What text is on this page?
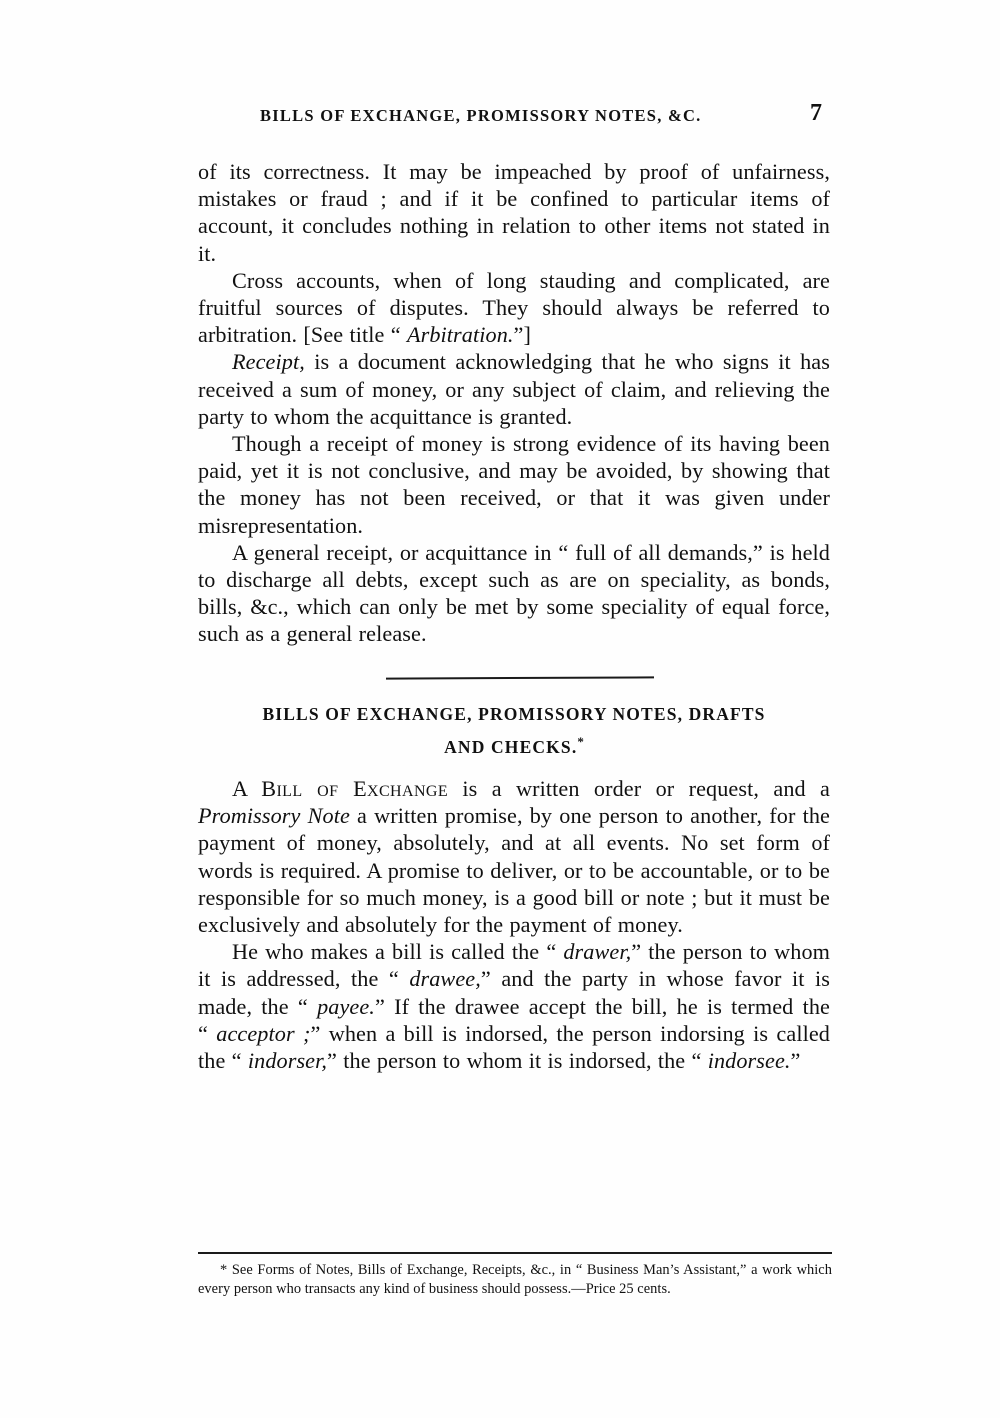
BILLS OF EXCHANGE, PROMISSORY NOTES, &C.	7

of its correctness. It may be impeached by proof of unfairness, mistakes or fraud ; and if it be confined to particular items of account, it concludes nothing in relation to other items not stated in it.

Cross accounts, when of long stauding and complicated, are fruitful sources of disputes. They should always be referred to arbitration. [See title “ Arbitration.”]

Receipt, is a document acknowledging that he who signs it has received a sum of money, or any subject of claim, and relieving the party to whom the acquittance is granted.

Though a receipt of money is strong evidence of its having been paid, yet it is not conclusive, and may be avoided, by showing that the money has not been received, or that it was given under misrepresentation.

A general receipt, or acquittance in “ full of all demands,” is held to discharge all debts, except such as are on speciality, as bonds, bills, &c., which can only be met by some speciality of equal force, such as a general release.

BILLS OF EXCHANGE, PROMISSORY NOTES, DRAFTS
AND CHECKS.*

A Bill of Exchange is a written order or request, and a Promissory Note a written promise, by one person to another, for the payment of money, absolutely, and at all events. No set form of words is required. A promise to deliver, or to be accountable, or to be responsible for so much money, is a good bill or note ; but it must be exclusively and absolutely for the payment of money.

He who makes a bill is called the “ drawer,” the person to whom it is addressed, the “ drawee,” and the party in whose favor it is made, the “ payee.” If the drawee accept the bill, he is termed the “ acceptor ;” when a bill is indorsed, the person indorsing is called the “ indorser,” the person to whom it is indorsed, the “ indorsee.”

* See Forms of Notes, Bills of Exchange, Receipts, &c., in “ Business Man’s Assistant,” a work which every person who transacts any kind of business should possess.—Price 25 cents.
